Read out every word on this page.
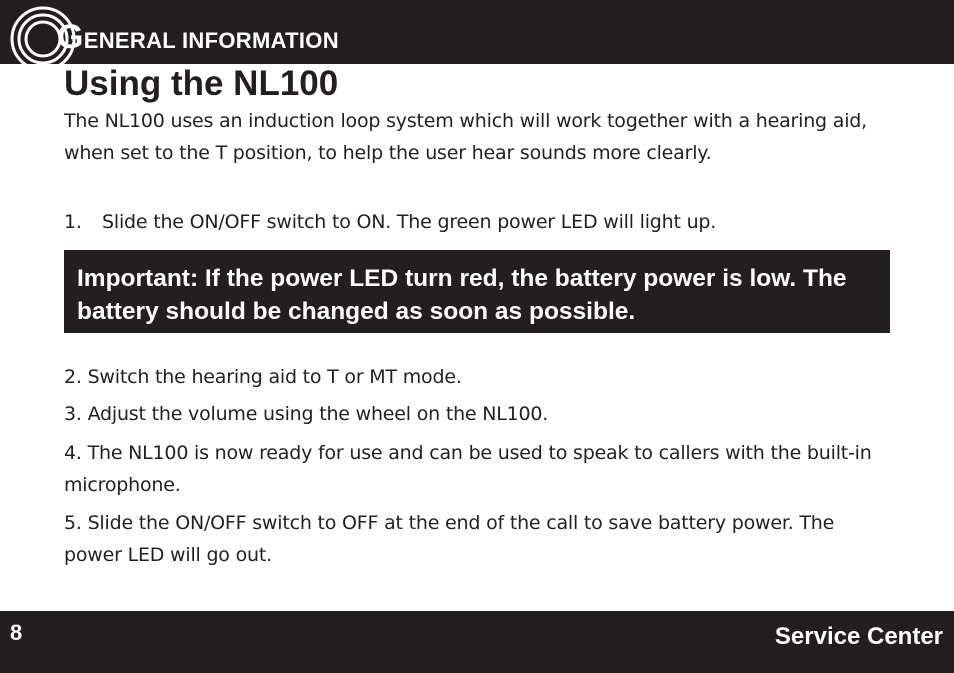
GENERAL INFORMATION
Using the NL100

The NL100 uses an induction loop system which will work together with a hearing aid, when set to the T position, to help the user hear sounds more clearly.

1. Slide the ON/OFF switch to ON. The green power LED will light up.

Important: If the power LED turn red, the battery power is low. The battery should be changed as soon as possible.

2. Switch the hearing aid to T or MT mode.

3. Adjust the volume using the wheel on the NL100.

4. The NL100 is now ready for use and can be used to speak to callers with the built-in microphone.

5. Slide the ON/OFF switch to OFF at the end of the call to save battery power. The power LED will go out.

8	Service Center
